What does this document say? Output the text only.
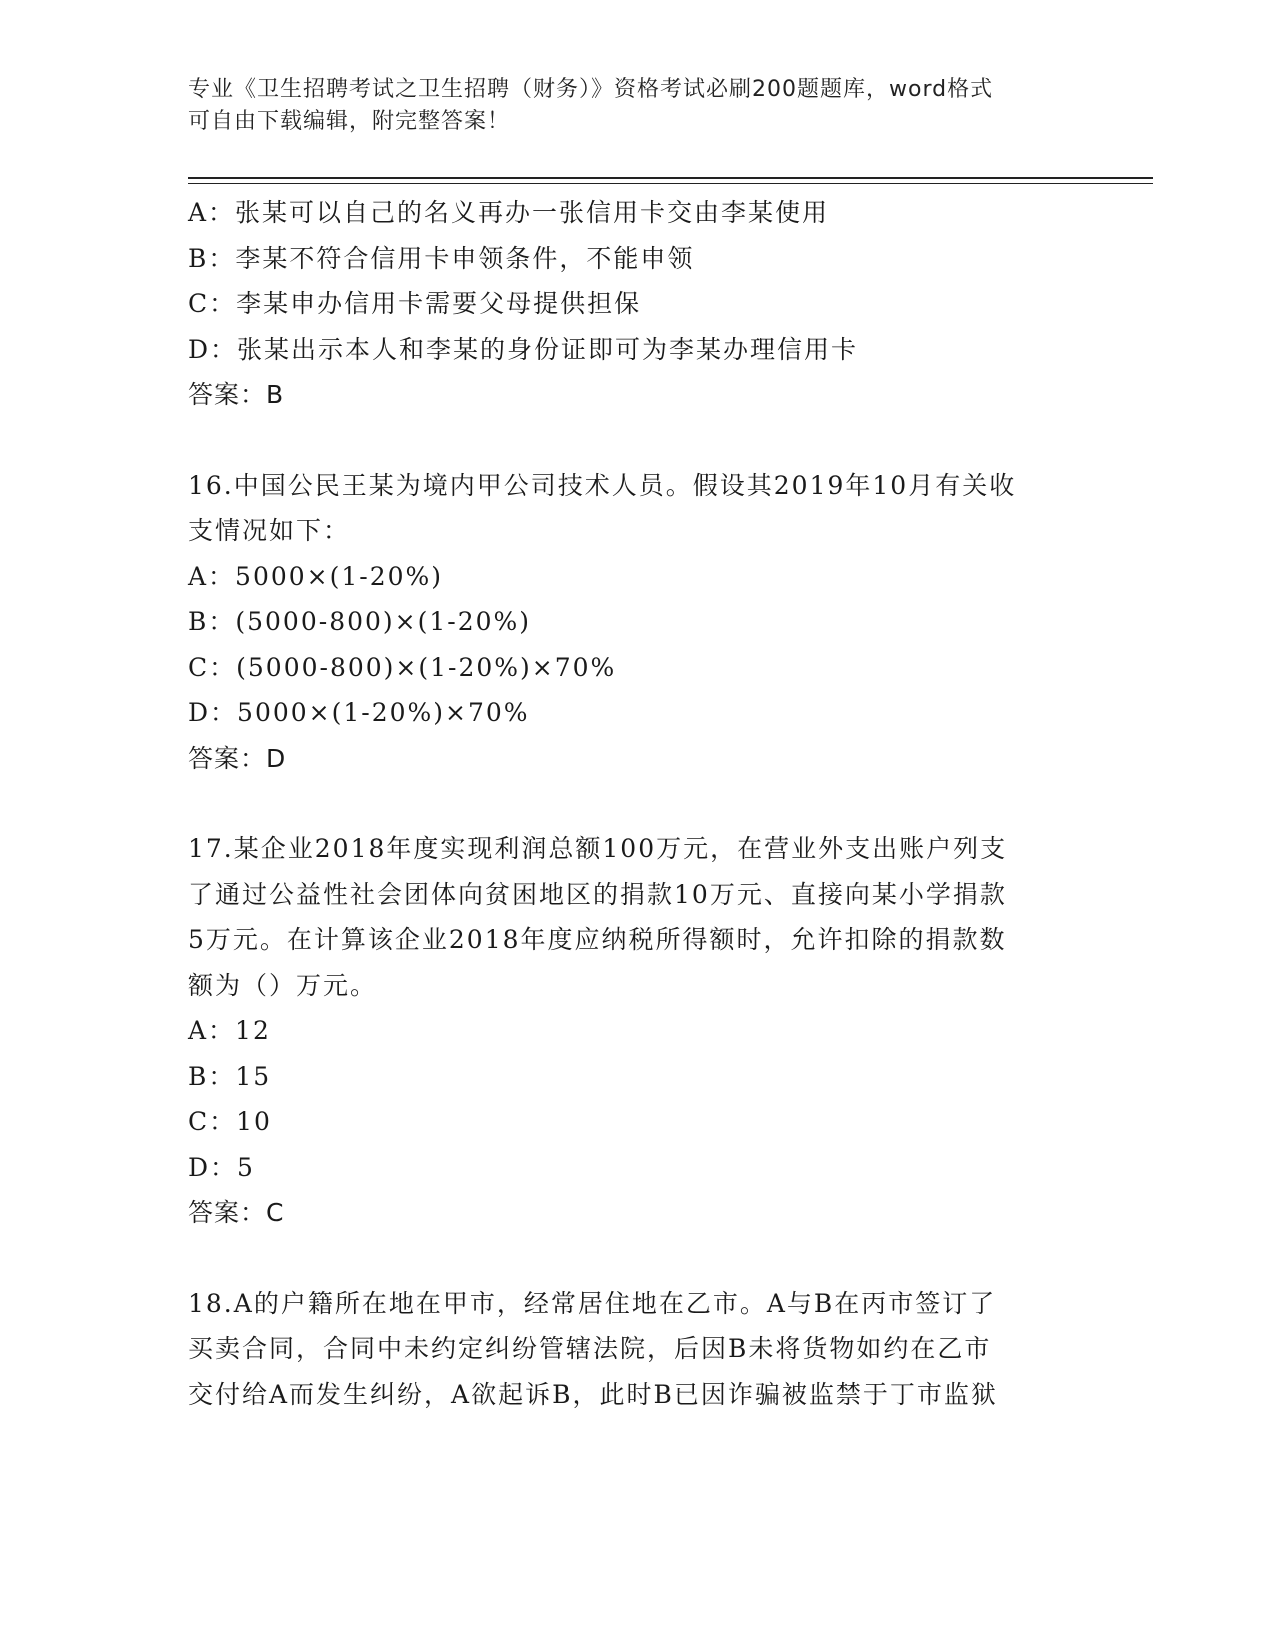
专业《卫生招聘考试之卫生招聘（财务）》资格考试必刷200题题库，word格式
可自由下载编辑，附完整答案！
A：张某可以自己的名义再办一张信用卡交由李某使用
B：李某不符合信用卡申领条件，不能申领
C：李某申办信用卡需要父母提供担保
D：张某出示本人和李某的身份证即可为李某办理信用卡
答案：B
16.中国公民王某为境内甲公司技术人员。假设其2019年10月有关收
支情况如下：
A：5000×(1-20%)
B：(5000-800)×(1-20%)
C：(5000-800)×(1-20%)×70%
D：5000×(1-20%)×70%
答案：D
17.某企业2018年度实现利润总额100万元，在营业外支出账户列支
了通过公益性社会团体向贫困地区的捐款10万元、直接向某小学捐款
5万元。在计算该企业2018年度应纳税所得额时，允许扣除的捐款数
额为（）万元。
A：12
B：15
C：10
D：5
答案：C
18.A的户籍所在地在甲市，经常居住地在乙市。A与B在丙市签订了
买卖合同，合同中未约定纠纷管辖法院，后因B未将货物如约在乙市
交付给A而发生纠纷，A欲起诉B，此时B已因诈骗被监禁于丁市监狱
